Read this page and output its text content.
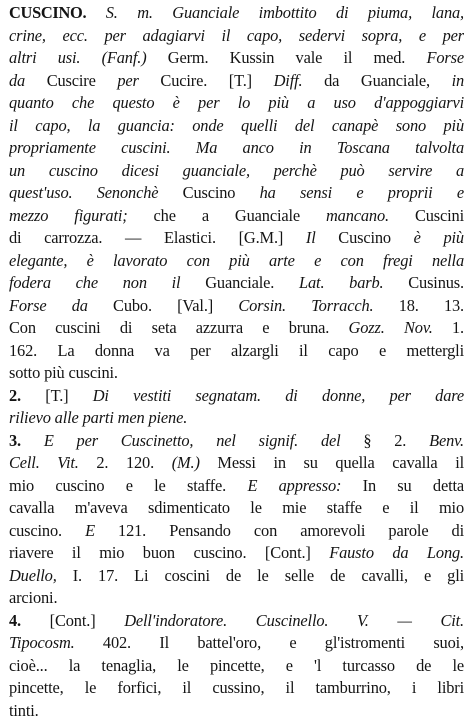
CUSCINO. S. m. Guanciale imbottito di piuma, lana,
crine, ecc. per adagiarvi il capo, sedervi sopra, e per
altri usi. (Fanf.) Germ. Kussin vale il med. Forse
da Cuscire per Cucire. [T.] Diff. da Guanciale, in
quanto che questo è per lo più a uso d'appoggiarvi
il capo, la guancia: onde quelli del canapè sono più
propriamente cuscini. Ma anco in Toscana talvolta
un cuscino dicesi guanciale, perchè può servire a
quest'uso. Senonchè Cuscino ha sensi e proprii e
mezzo figurati; che a Guanciale mancano. Cuscini
di carrozza. — Elastici. [G.M.] Il Cuscino è più
elegante, è lavorato con più arte e con fregi nella
fodera che non il Guanciale. Lat. barb. Cusinus.
Forse da Cubo. [Val.] Corsin. Torracch. 18. 13.
Con cuscini di seta azzurra e bruna. Gozz. Nov. 1.
162. La donna va per alzargli il capo e mettergli
sotto più cuscini.
2. [T.] Di vestiti segnatam. di donne, per dare
rilievo alle parti men piene.
3. E per Cuscinetto, nel signif. del § 2. Benv.
Cell. Vit. 2. 120. (M.) Messi in su quella cavalla il
mio cuscino e le staffe. E appresso: In su detta
cavalla m'aveva sdimenticato le mie staffe e il mio
cuscino. E 121. Pensando con amorevoli parole di
riavere il mio buon cuscino. [Cont.] Fausto da Long.
Duello, I. 17. Li coscini de le selle de cavalli, e gli
arcioni.
4. [Cont.] Dell'indoratore. Cuscinello. V. — Cit.
Tipocosm. 402. Il battel'oro, e gl'istromenti suoi,
cioè... la tenaglia, le pincette, e 'l turcasso de le
pincette, le forfici, il cussino, il tamburrino, i libri
tinti.
